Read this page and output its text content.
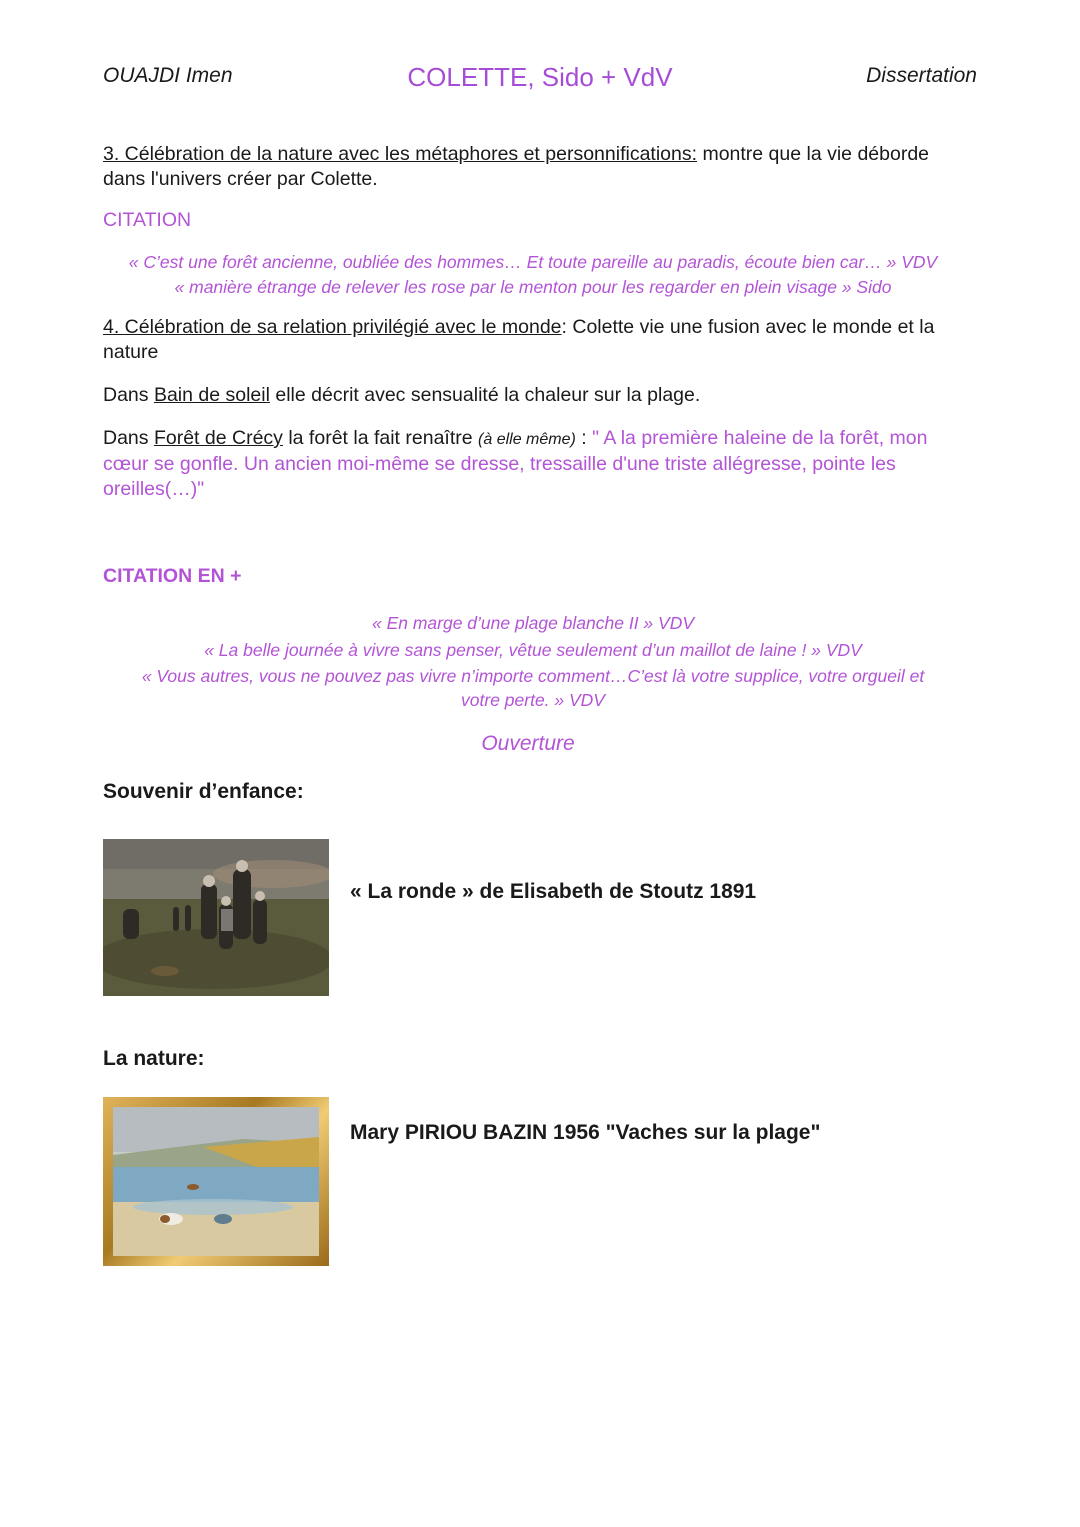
OUAJDI Imen	COLETTE, Sido + VdV	Dissertation

3. Célébration de la nature avec les métaphores et personnifications: montre que la vie déborde dans l'univers créer par Colette.

CITATION

« C’est une forêt ancienne, oubliée des hommes… Et toute pareille au paradis, écoute bien car… » VDV

« manière étrange de relever les rose par le menton pour les regarder en plein visage » Sido

4. Célébration de sa relation privilégié avec le monde: Colette vie une fusion avec le monde et la nature

Dans Bain de soleil elle décrit avec sensualité la chaleur sur la plage.

Dans Forêt de Crécy la forêt la fait renaître (à elle même) : " A la première haleine de la forêt, mon cœur se gonfle. Un ancien moi-même se dresse, tressaille d'une triste allégresse, pointe les oreilles(…)"

CITATION EN +

« En marge d’une plage blanche II » VDV

« La belle journée à vivre sans penser, vêtue seulement d’un maillot de laine ! » VDV

« Vous autres, vous ne pouvez pas vivre n’importe comment…C’est là votre supplice, votre orgueil et votre perte. » VDV

Ouverture

Souvenir d’enfance:

« La ronde » de Elisabeth de Stoutz 1891
La nature:
Mary PIRIOU BAZIN 1956 "Vaches sur la plage"
